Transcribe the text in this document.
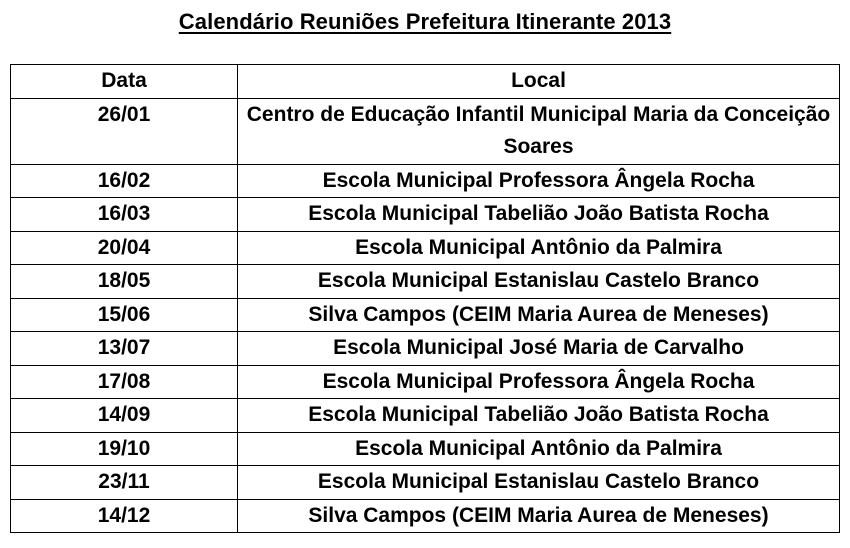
Calendário Reuniões Prefeitura Itinerante 2013
Data	Local
26/01	Centro de Educação Infantil Municipal Maria da Conceição Soares
16/02	Escola Municipal Professora Ângela Rocha
16/03	Escola Municipal Tabelião João Batista Rocha
20/04	Escola Municipal Antônio da Palmira
18/05	Escola Municipal Estanislau Castelo Branco
15/06	Silva Campos (CEIM Maria Aurea de Meneses)
13/07	Escola Municipal José Maria de Carvalho
17/08	Escola Municipal Professora Ângela Rocha
14/09	Escola Municipal Tabelião João Batista Rocha
19/10	Escola Municipal Antônio da Palmira
23/11	Escola Municipal Estanislau Castelo Branco
14/12	Silva Campos (CEIM Maria Aurea de Meneses)
